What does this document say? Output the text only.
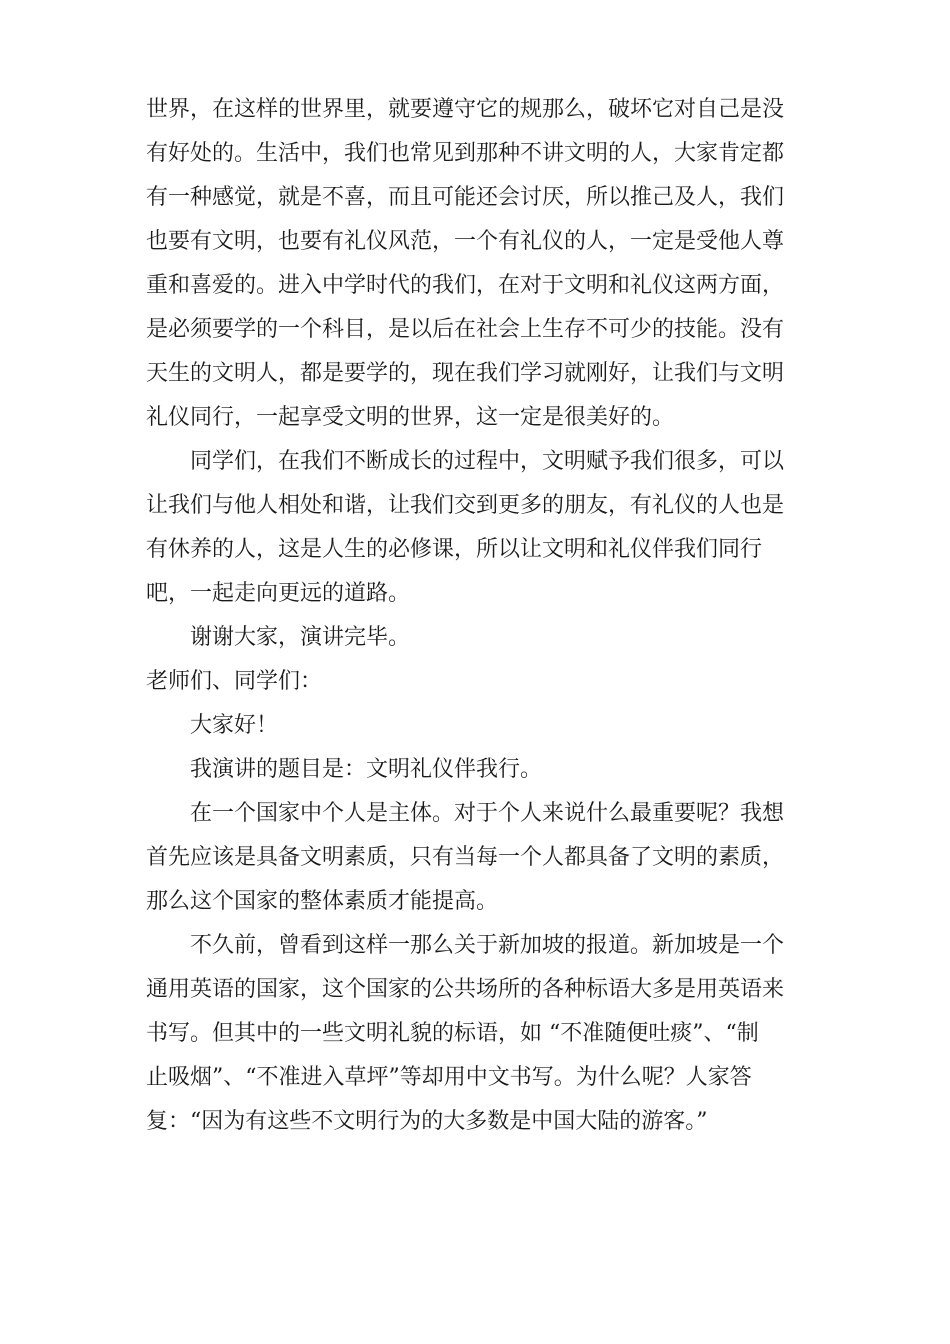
世界，在这样的世界里，就要遵守它的规那么，破坏它对自己是没
有好处的。生活中，我们也常见到那种不讲文明的人，大家肯定都
有一种感觉，就是不喜，而且可能还会讨厌，所以推己及人，我们
也要有文明，也要有礼仪风范，一个有礼仪的人，一定是受他人尊
重和喜爱的。进入中学时代的我们，在对于文明和礼仪这两方面，
是必须要学的一个科目，是以后在社会上生存不可少的技能。没有
天生的文明人，都是要学的，现在我们学习就刚好，让我们与文明
礼仪同行，一起享受文明的世界，这一定是很美好的。
同学们，在我们不断成长的过程中，文明赋予我们很多，可以
让我们与他人相处和谐，让我们交到更多的朋友，有礼仪的人也是
有休养的人，这是人生的必修课，所以让文明和礼仪伴我们同行
吧，一起走向更远的道路。
谢谢大家，演讲完毕。
老师们、同学们：
大家好！
我演讲的题目是：文明礼仪伴我行。
在一个国家中个人是主体。对于个人来说什么最重要呢？我想
首先应该是具备文明素质，只有当每一个人都具备了文明的素质，
那么这个国家的整体素质才能提高。
不久前，曾看到这样一那么关于新加坡的报道。新加坡是一个
通用英语的国家，这个国家的公共场所的各种标语大多是用英语来
书写。但其中的一些文明礼貌的标语，如 “不准随便吐痰”、“制
止吸烟”、“不准进入草坪”等却用中文书写。为什么呢？人家答
复：“因为有这些不文明行为的大多数是中国大陆的游客。”
